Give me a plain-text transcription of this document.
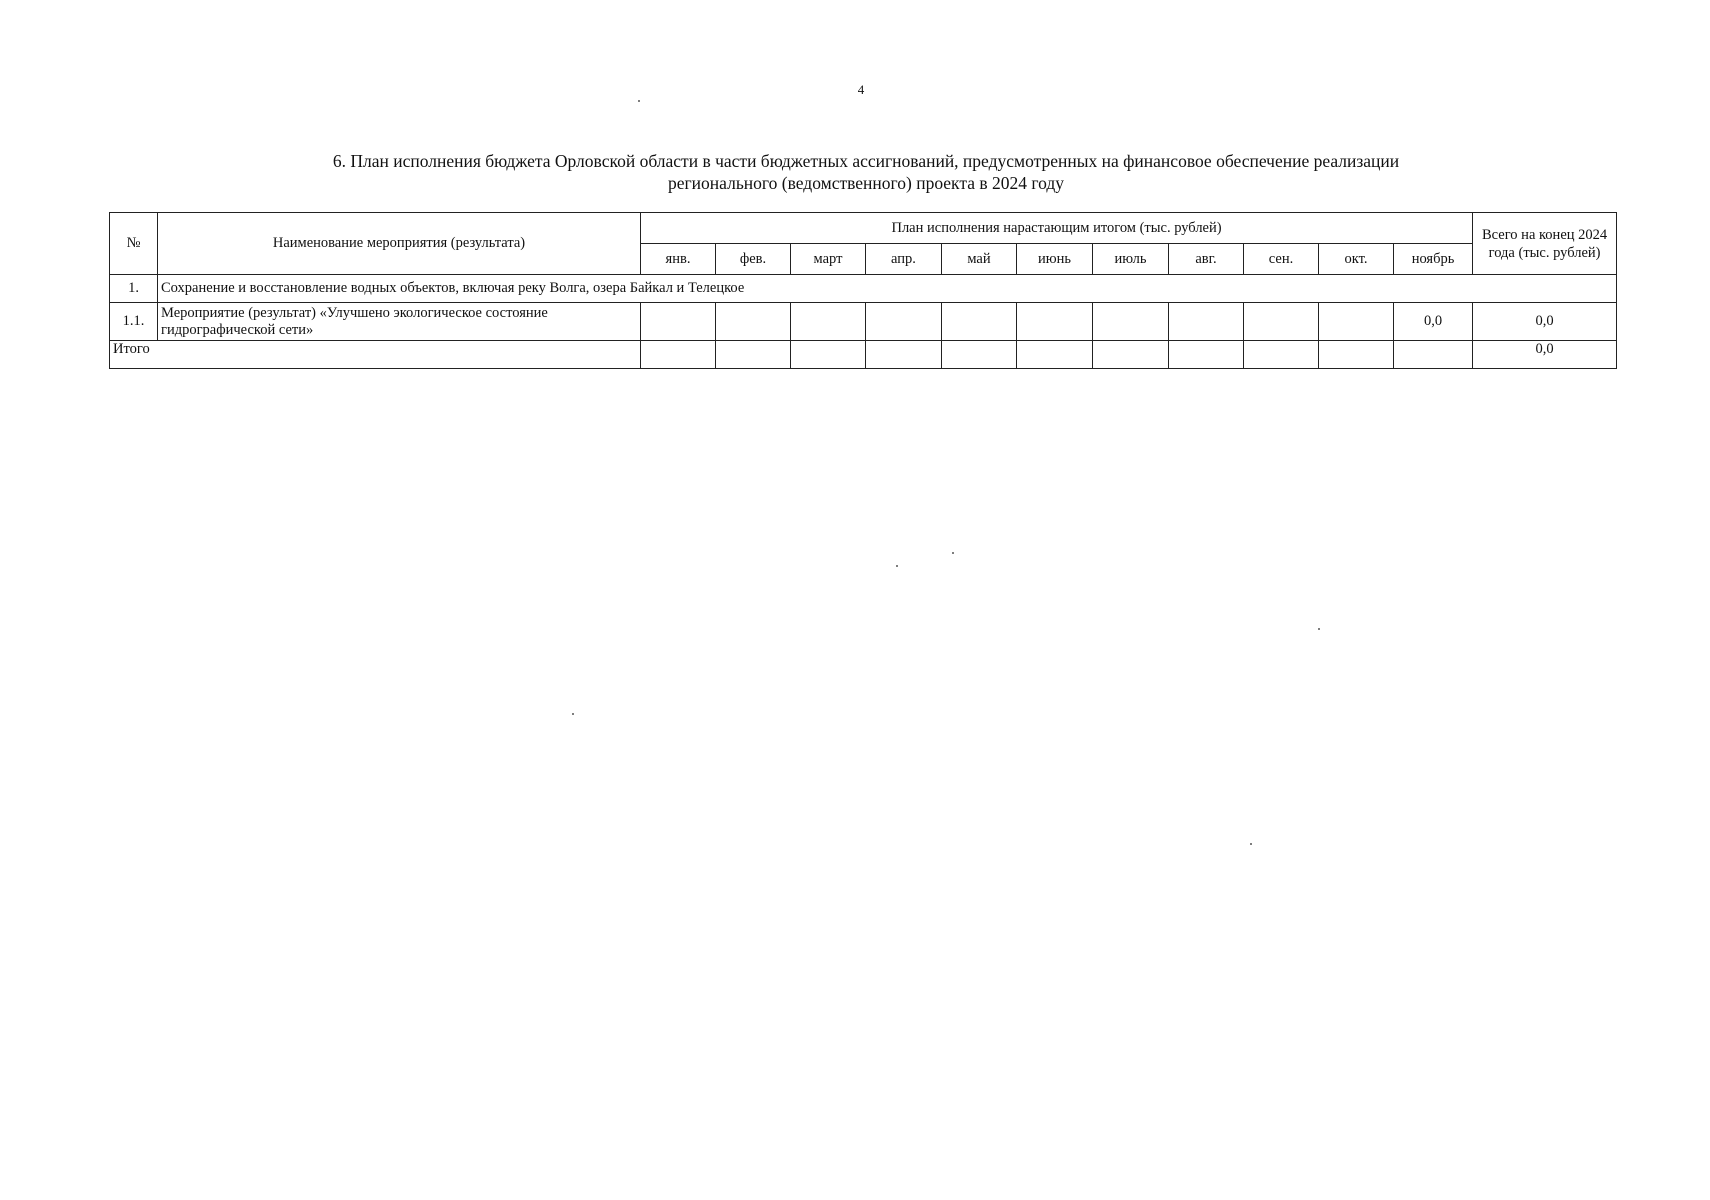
4
6. План исполнения бюджета Орловской области в части бюджетных ассигнований, предусмотренных на финансовое обеспечение реализации
регионального (ведомственного) проекта в 2024 году
№	Наименование мероприятия (результата)	План исполнения нарастающим итогом (тыс. рублей)											Всего на конец 2024 года (тыс. рублей)
		янв.	фев.	март	апр.	май	июнь	июль	авг.	сен.	окт.	ноябрь	
1.	Сохранение и восстановление водных объектов, включая реку Волга, озера Байкал и Телецкое												
1.1.	Мероприятие (результат) «Улучшено экологическое состояние гидрографической сети»											0,0	0,0
Итого													0,0
